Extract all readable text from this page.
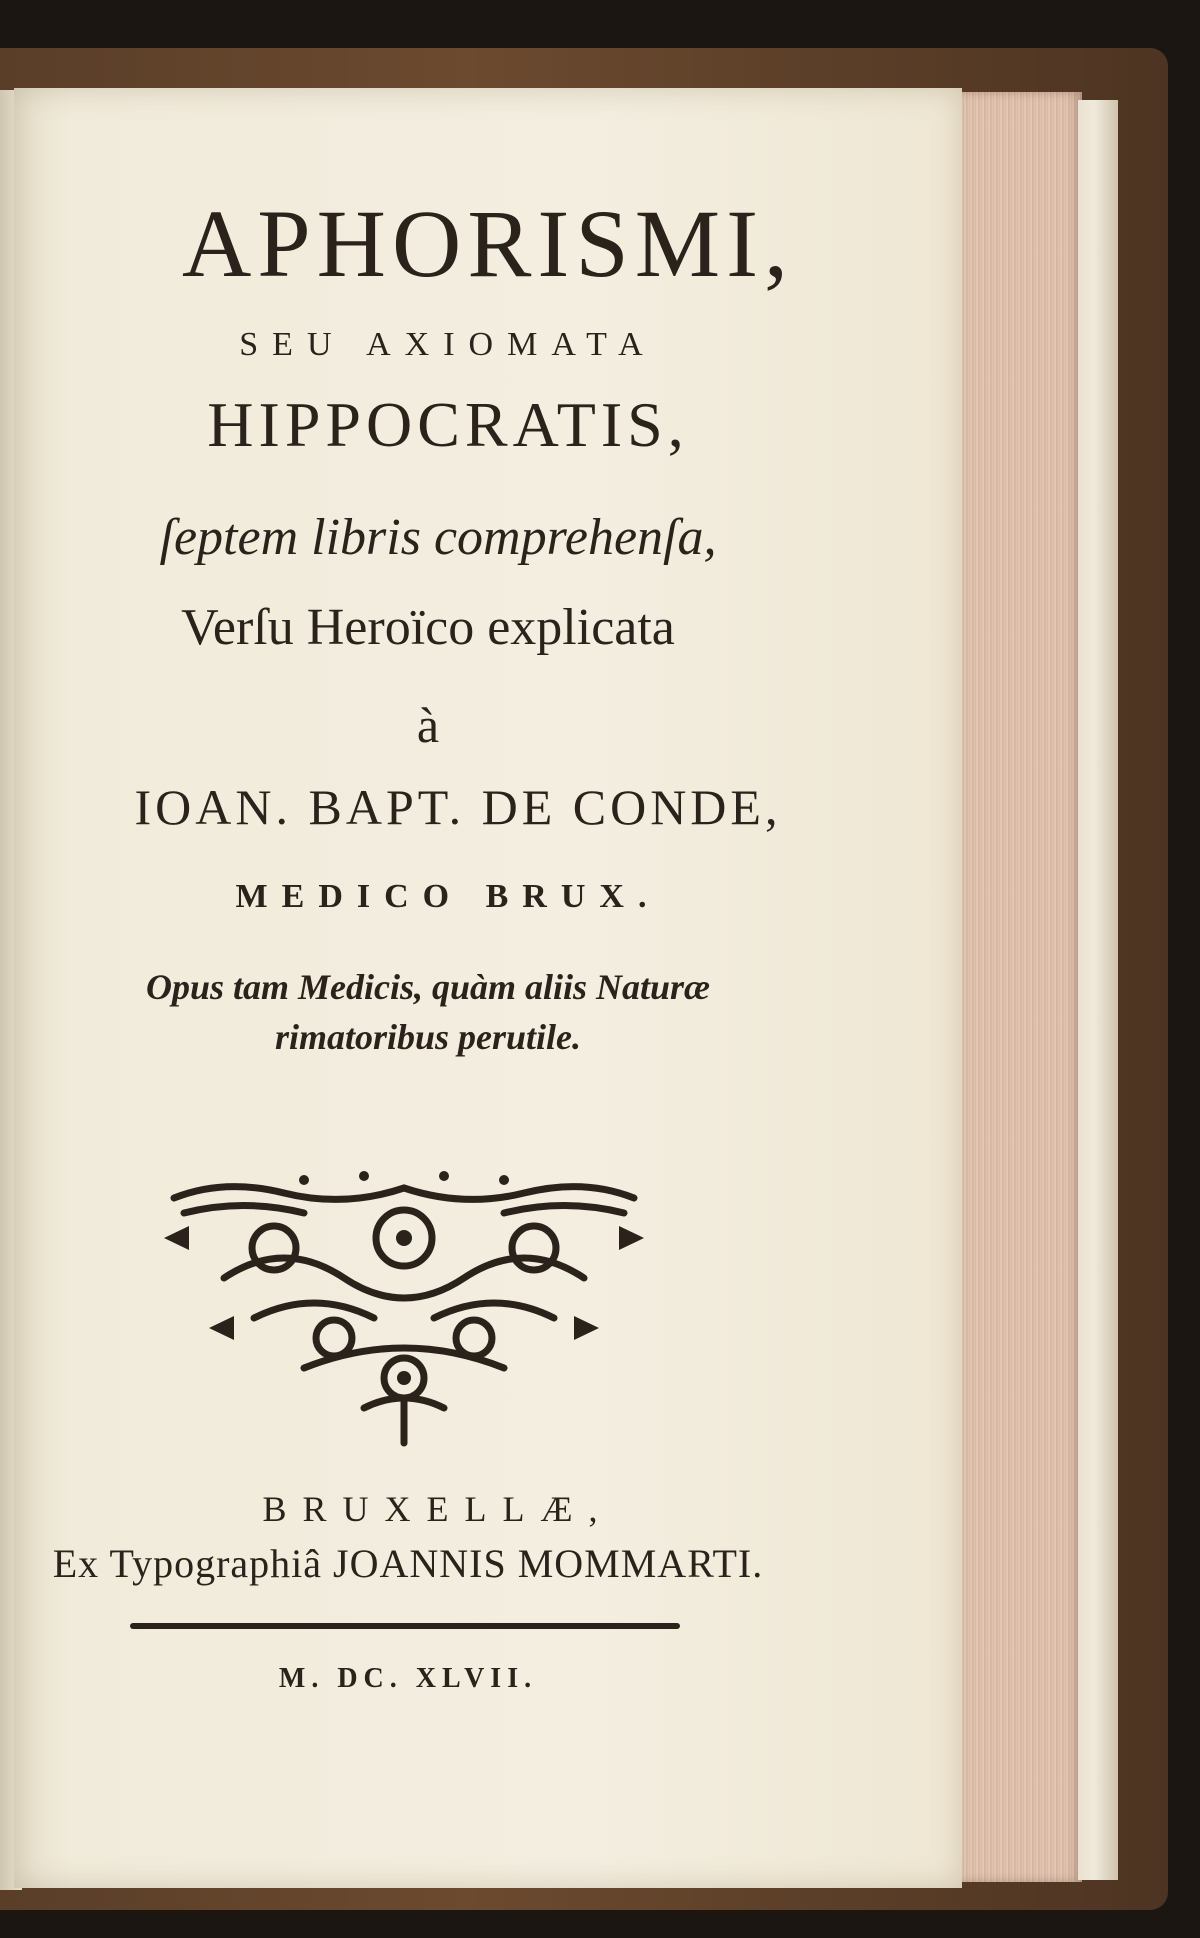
APHORISMI,
SEU AXIOMATA
HIPPOCRATIS,
ſeptem libris comprehenſa,
Verſu Heroïco explicata
à
IOAN. BAPT. DE CONDE,
MEDICO BRUX.
Opus tam Medicis, quàm aliis Naturæ
rimatoribus perutile.
BRUXELLÆ,
Ex Typographiâ JOANNIS MOMMARTI.
M. DC. XLVII.
